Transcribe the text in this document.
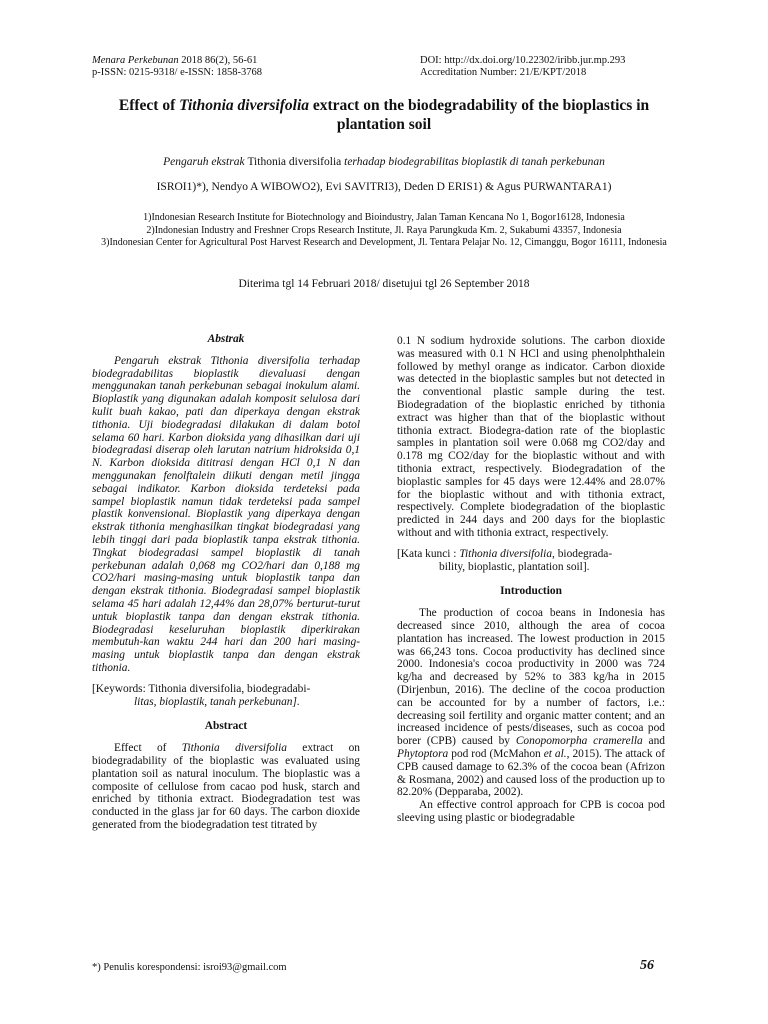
Menara Perkebunan 2018 86(2), 56-61
p-ISSN: 0215-9318/ e-ISSN: 1858-3768
DOI: http://dx.doi.org/10.22302/iribb.jur.mp.293
Accreditation Number: 21/E/KPT/2018
Effect of Tithonia diversifolia extract on the biodegradability of the bioplastics in plantation soil
Pengaruh ekstrak Tithonia diversifolia terhadap biodegrabilitas bioplastik di tanah perkebunan
ISROI1)*), Nendyo A WIBOWO2), Evi SAVITRI3), Deden D ERIS1) & Agus PURWANTARA1)
1)Indonesian Research Institute for Biotechnology and Bioindustry, Jalan Taman Kencana No 1, Bogor16128, Indonesia
2)Indonesian Industry and Freshner Crops Research Institute, Jl. Raya Parungkuda Km. 2, Sukabumi 43357, Indonesia
3)Indonesian Center for Agricultural Post Harvest Research and Development, Jl. Tentara Pelajar No. 12, Cimanggu, Bogor 16111, Indonesia
Diterima tgl 14 Februari 2018/ disetujui tgl 26 September 2018
Abstrak

Pengaruh ekstrak Tithonia diversifolia terhadap biodegradabilitas bioplastik dievaluasi dengan menggunakan tanah perkebunan sebagai inokulum alami. Bioplastik yang digunakan adalah komposit selulosa dari kulit buah kakao, pati dan diperkaya dengan ekstrak tithonia. Uji biodegradasi dilakukan di dalam botol selama 60 hari. Karbon dioksida yang dihasilkan dari uji biodegradasi diserap oleh larutan natrium hidroksida 0,1 N. Karbon dioksida dititrasi dengan HCl 0,1 N dan menggunakan fenolftalein diikuti dengan metil jingga sebagai indikator. Karbon dioksida terdeteksi pada sampel bioplastik namun tidak terdeteksi pada sampel plastik konvensional. Bioplastik yang diperkaya dengan ekstrak tithonia menghasilkan tingkat biodegradasi yang lebih tinggi dari pada bioplastik tanpa ekstrak tithonia. Tingkat biodegradasi sampel bioplastik di tanah perkebunan adalah 0,068 mg CO2/hari dan 0,188 mg CO2/hari masing-masing untuk bioplastik tanpa dan dengan ekstrak tithonia. Biodegradasi sampel bioplastik selama 45 hari adalah 12,44% dan 28,07% berturut-turut untuk bioplastik tanpa dan dengan ekstrak tithonia. Biodegradasi keseluruhan bioplastik diperkirakan membutuh-kan waktu 244 hari dan 200 hari masing-masing untuk bioplastik tanpa dan dengan ekstrak tithonia.

[Keywords: Tithonia diversifolia, biodegradabi-
litas, bioplastik, tanah perkebunan].
Abstract

Effect of Tithonia diversifolia extract on biodegradability of the bioplastic was evaluated using plantation soil as natural inoculum. The bioplastic was a composite of cellulose from cacao pod husk, starch and enriched by tithonia extract. Biodegradation test was conducted in the glass jar for 60 days. The carbon dioxide generated from the biodegradation test titrated by

0.1 N sodium hydroxide solutions. The carbon dioxide was measured with 0.1 N HCl and using phenolphthalein followed by methyl orange as indicator. Carbon dioxide was detected in the bioplastic samples but not detected in the conventional plastic sample during the test. Biodegradation of the bioplastic enriched by tithonia extract was higher than that of the bioplastic without tithonia extract. Biodegra-dation rate of the bioplastic samples in plantation soil were 0.068 mg CO2/day and 0.178 mg CO2/day for the bioplastic without and with tithonia extract, respectively. Biodegradation of the bioplastic samples for 45 days were 12.44% and 28.07% for the bioplastic without and with tithonia extract, respectively. Complete biodegradation of the bioplastic predicted in 244 days and 200 days for the bioplastic without and with tithonia extract, respectively.

[Kata kunci : Tithonia diversifolia, biodegrada-
bility, bioplastic, plantation soil].
Introduction

The production of cocoa beans in Indonesia has decreased since 2010, although the area of cocoa plantation has increased. The lowest production in 2015 was 66,243 tons. Cocoa productivity has declined since 2000. Indonesia's cocoa productivity in 2000 was 724 kg/ha and decreased by 52% to 383 kg/ha in 2015 (Dirjenbun, 2016). The decline of the cocoa production can be accounted for by a number of factors, i.e.: decreasing soil fertility and organic matter content; and an increased incidence of pests/diseases, such as cocoa pod borer (CPB) caused by Conopomorpha cramerella and Phytoptora pod rod (McMahon et al., 2015). The attack of CPB caused damage to 62.3% of the cocoa bean (Afrizon & Rosmana, 2002) and caused loss of the production up to 82.20% (Depparaba, 2002).

An effective control approach for CPB is cocoa pod sleeving using plastic or biodegradable

*) Penulis korespondensi: isroi93@gmail.com	56
